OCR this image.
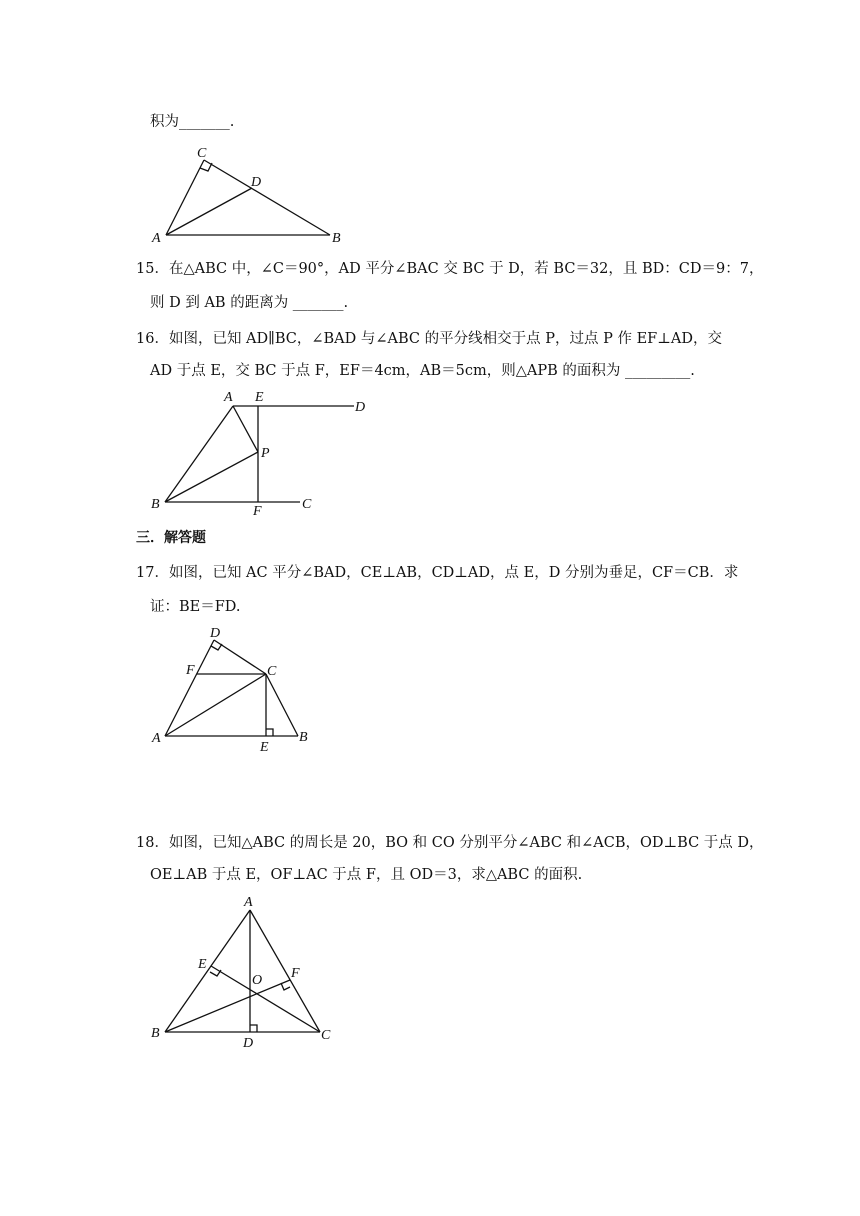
积为_______.
C
D
A	B
15．在△ABC 中，∠C＝90°，AD 平分∠BAC 交 BC 于 D，若 BC＝32，且 BD：CD＝9：7，
则 D 到 AB 的距离为 _______.
16．如图，已知 AD∥BC，∠BAD 与∠ABC 的平分线相交于点 P，过点 P 作 EF⊥AD，交
AD 于点 E，交 BC 于点 F，EF＝4cm，AB＝5cm，则△APB 的面积为 _________.
A E
D
P
B	F	C
三．解答题
17．如图，已知 AC 平分∠BAD，CE⊥AB，CD⊥AD，点 E，D 分别为垂足，CF＝CB．求
证：BE＝FD.
D
F	C
A
E
B
18．如图，已知△ABC 的周长是 20，BO 和 CO 分别平分∠ABC 和∠ACB，OD⊥BC 于点 D，
OE⊥AB 于点 E，OF⊥AC 于点 F，且 OD＝3，求△ABC 的面积.
A
E
F
O
B
D
C
